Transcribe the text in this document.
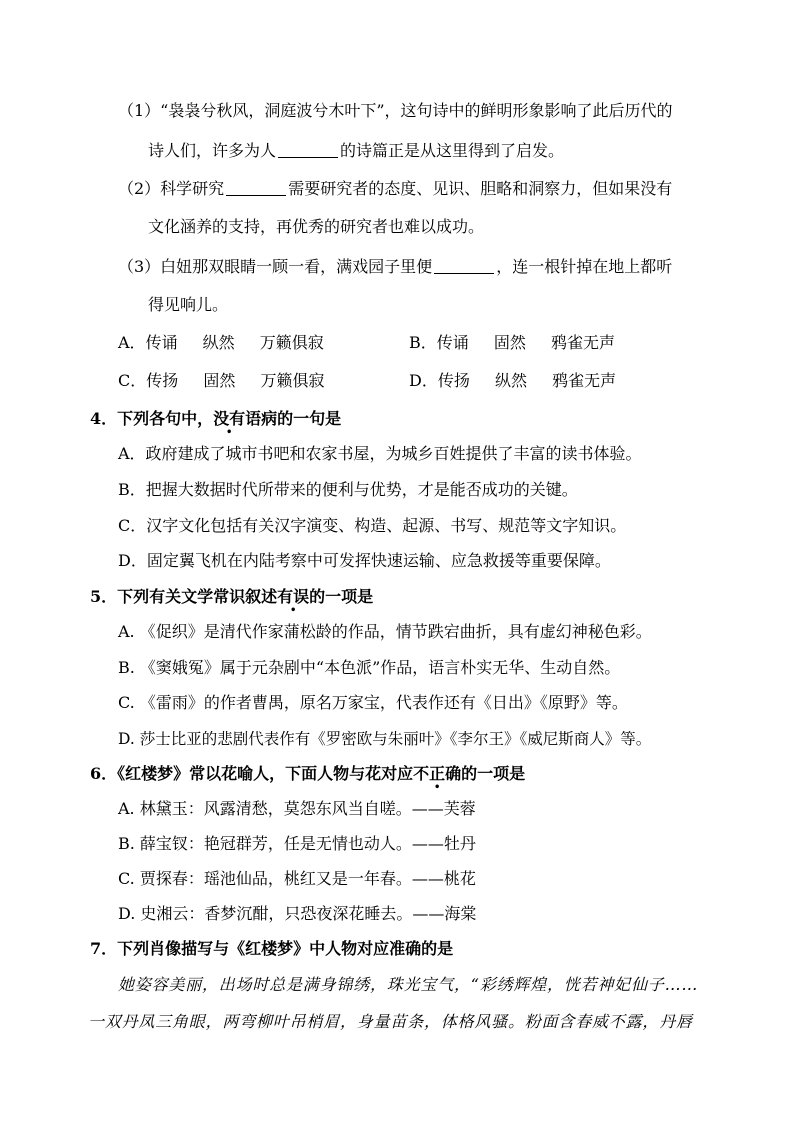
（1）“袅袅兮秋风，洞庭波兮木叶下”，这句诗中的鲜明形象影响了此后历代的
诗人们，许多为人	的诗篇正是从这里得到了启发。
（2）科学研究	需要研究者的态度、见识、胆略和洞察力，但如果没有
文化涵养的支持，再优秀的研究者也难以成功。
（3）白妞那双眼睛一顾一看，满戏园子里便	，连一根针掉在地上都听
得见响儿。
A．传诵 纵然 万籁俱寂	B．传诵 固然 鸦雀无声
C．传扬 固然 万籁俱寂	D．传扬 纵然 鸦雀无声
4．下列各句中，没有语病的一句是
A．政府建成了城市书吧和农家书屋，为城乡百姓提供了丰富的读书体验。
B．把握大数据时代所带来的便利与优势，才是能否成功的关键。
C．汉字文化包括有关汉字演变、构造、起源、书写、规范等文字知识。
D．固定翼飞机在内陆考察中可发挥快速运输、应急救援等重要保障。
5．下列有关文学常识叙述有误的一项是
A. 《促织》是清代作家蒲松龄的作品，情节跌宕曲折，具有虚幻神秘色彩。
B. 《窦娥冤》属于元杂剧中“本色派”作品，语言朴实无华、生动自然。
C. 《雷雨》的作者曹禺，原名万家宝，代表作还有《日出》《原野》等。
D. 莎士比亚的悲剧代表作有《罗密欧与朱丽叶》《李尔王》《威尼斯商人》等。
6．《红楼梦》常以花喻人，下面人物与花对应不正确的一项是
A. 林黛玉：风露清愁，莫怨东风当自嗟。——芙蓉
B. 薛宝钗：艳冠群芳，任是无情也动人。——牡丹
C. 贾探春：瑶池仙品，桃红又是一年春。——桃花
D. 史湘云：香梦沉酣，只恐夜深花睡去。——海棠
7．下列肖像描写与《红楼梦》中人物对应准确的是
她姿容美丽，出场时总是满身锦绣，珠光宝气，“彩绣辉煌，恍若神妃仙子……
一双丹凤三角眼，两弯柳叶吊梢眉，身量苗条，体格风骚。粉面含春威不露，丹唇
